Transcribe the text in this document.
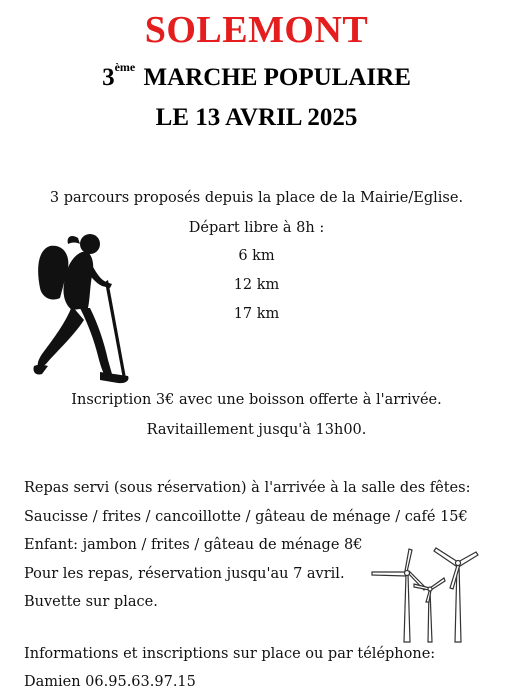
SOLEMONT
3ème MARCHE POPULAIRE
LE 13 AVRIL 2025
3 parcours proposés depuis la place de la Mairie/Eglise.
Départ libre à 8h :
6 km
12 km
17 km
Inscription 3€ avec une boisson offerte à l'arrivée.
Ravitaillement jusqu'à 13h00.
Repas servi (sous réservation) à l'arrivée à la salle des fêtes:
Saucisse / frites / cancoillotte / gâteau de ménage / café 15€
Enfant: jambon / frites / gâteau de ménage 8€
Pour les repas, réservation jusqu'au 7 avril.
Buvette sur place.
Informations et inscriptions sur place ou par téléphone:
Damien 06.95.63.97.15
